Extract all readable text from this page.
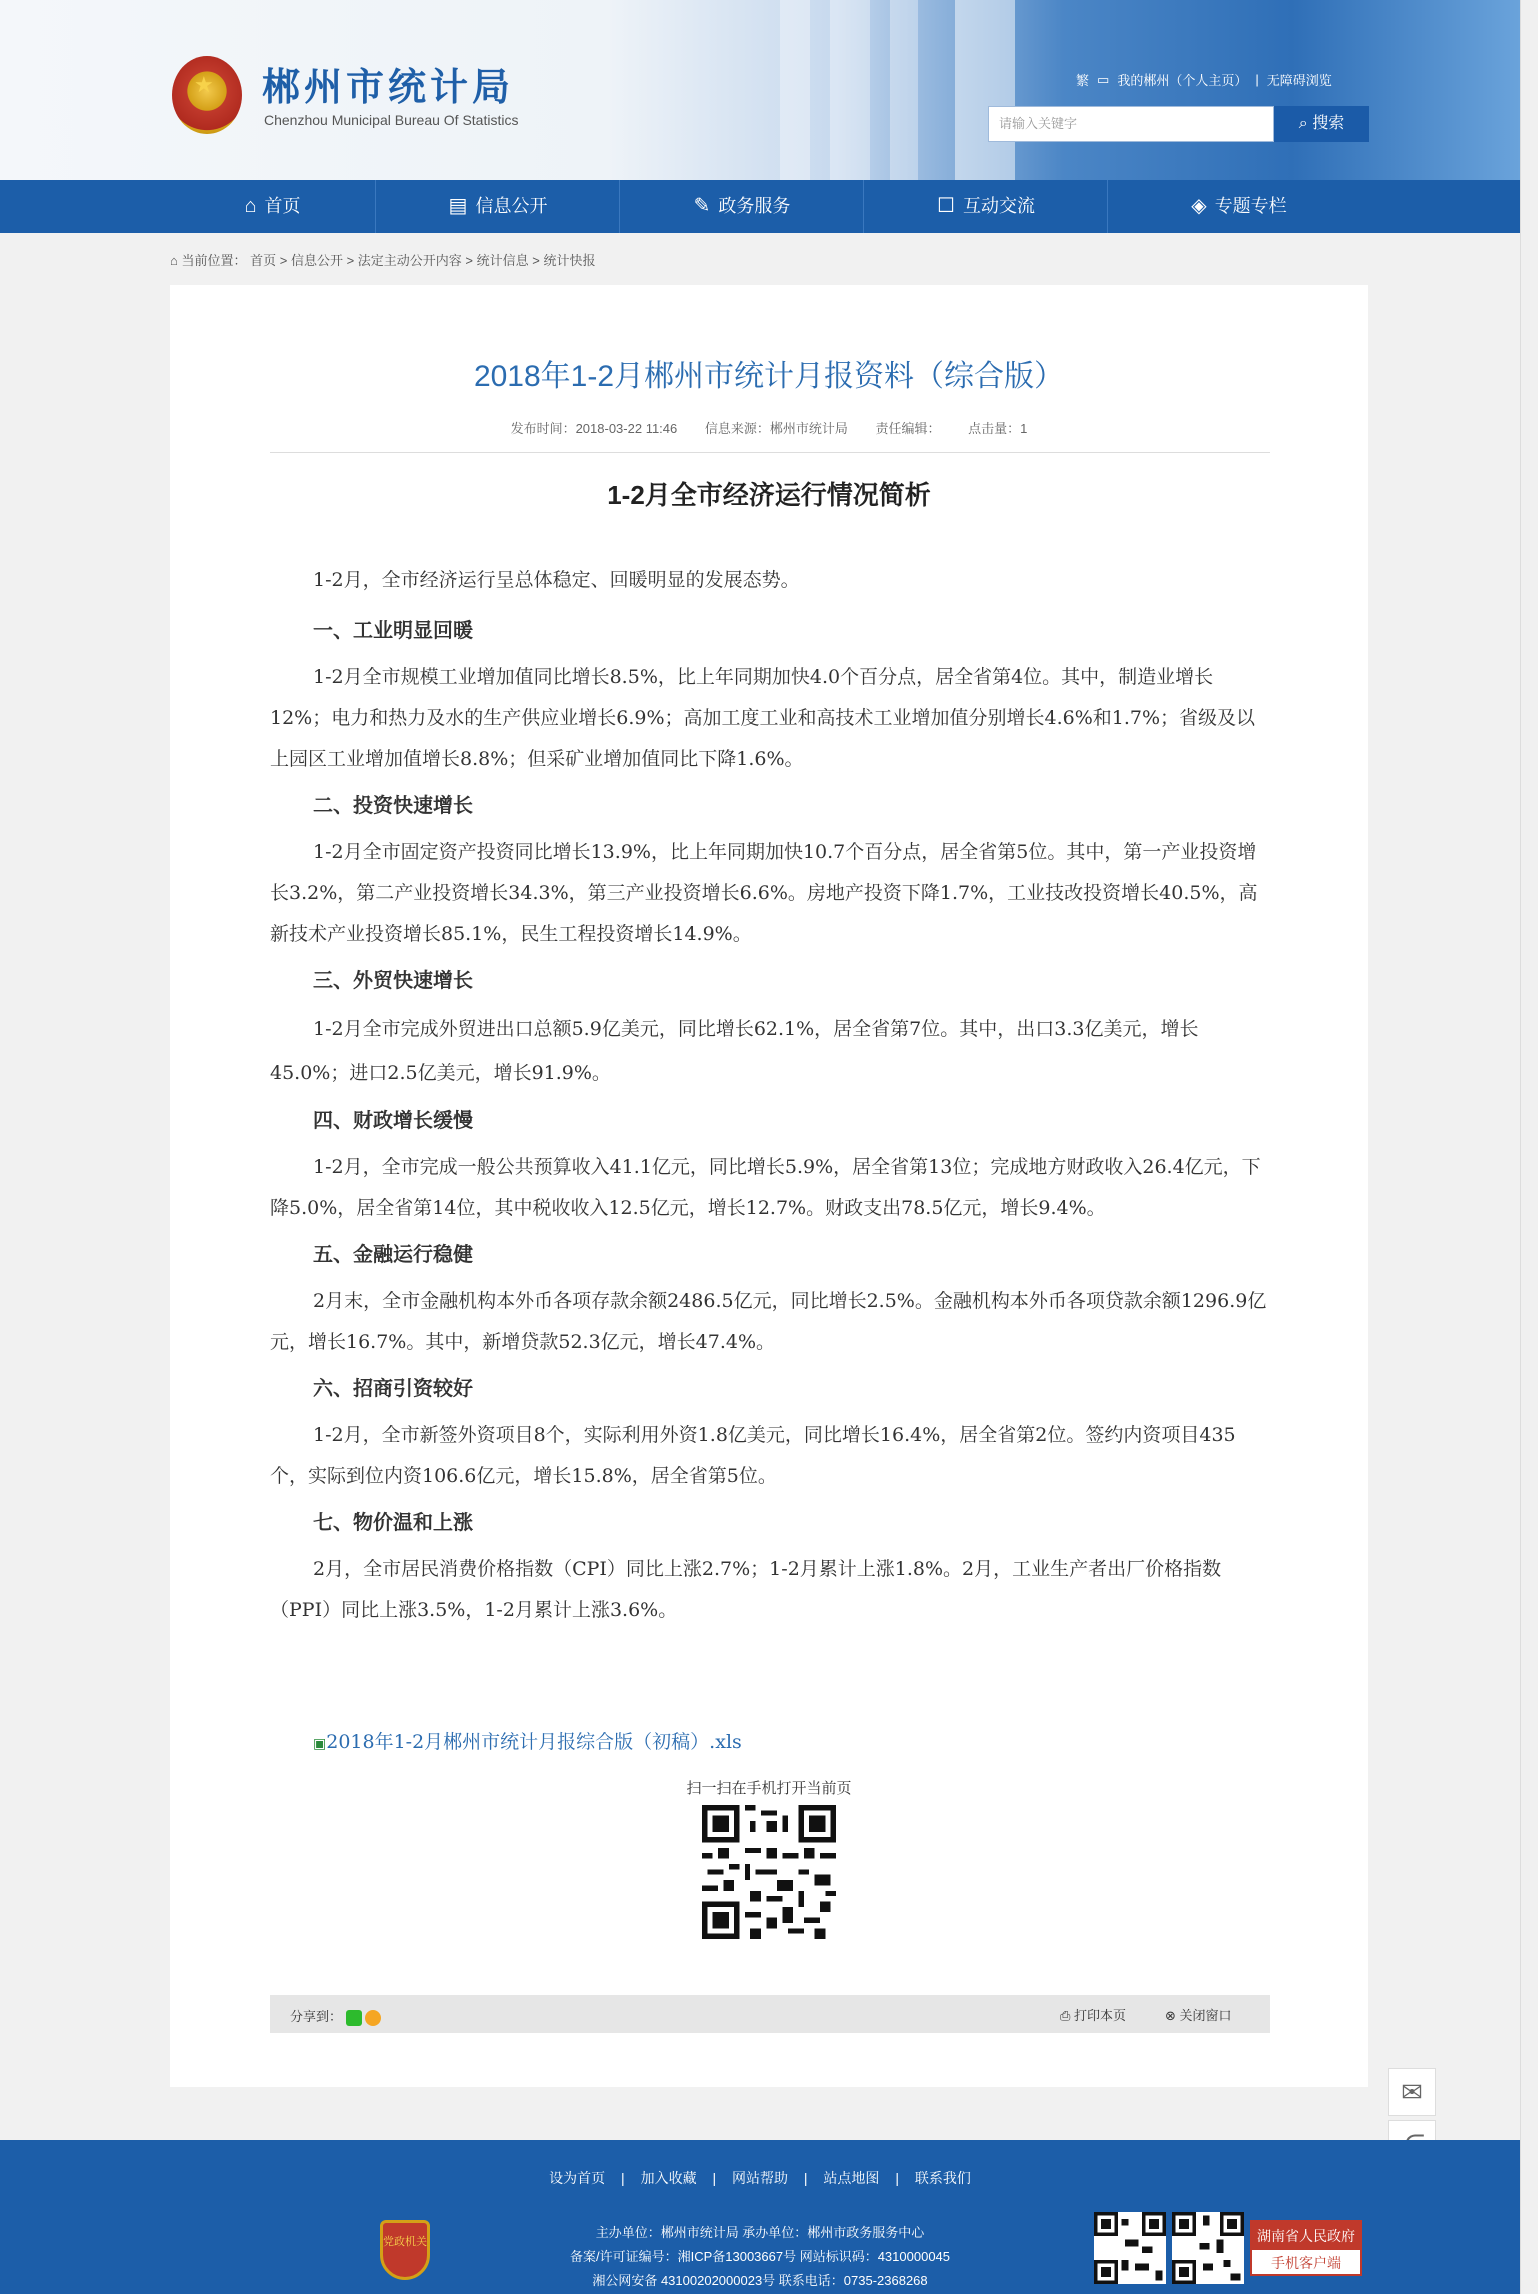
★ 郴州市统计局
Chenzhou Municipal Bureau Of Statistics
繁 ▭ 我的郴州（个人主页） | 无障碍浏览
请输入关键字	⌕ 搜索
⌂ 首页	▤ 信息公开	✎ 政务服务	☐ 互动交流	◈ 专题专栏
⌂ 当前位置： 首页 > 信息公开 > 法定主动公开内容 > 统计信息 > 统计快报
2018年1-2月郴州市统计月报资料（综合版）
发布时间：2018-03-22 11:46 信息来源：郴州市统计局 责任编辑： 点击量：1
1-2月全市经济运行情况简析

1-2月，全市经济运行呈总体稳定、回暖明显的发展态势。

一、工业明显回暖

1-2月全市规模工业增加值同比增长8.5%，比上年同期加快4.0个百分点，居全省第4位。其中，制造业增长12%；电力和热力及水的生产供应业增长6.9%；高加工度工业和高技术工业增加值分别增长4.6%和1.7%；省级及以上园区工业增加值增长8.8%；但采矿业增加值同比下降1.6%。

二、投资快速增长

1-2月全市固定资产投资同比增长13.9%，比上年同期加快10.7个百分点，居全省第5位。其中，第一产业投资增长3.2%，第二产业投资增长34.3%，第三产业投资增长6.6%。房地产投资下降1.7%，工业技改投资增长40.5%，高新技术产业投资增长85.1%，民生工程投资增长14.9%。

三、外贸快速增长

1-2月全市完成外贸进出口总额5.9亿美元，同比增长62.1%，居全省第7位。其中，出口3.3亿美元，增长45.0%；进口2.5亿美元，增长91.9%。

四、财政增长缓慢

1-2月，全市完成一般公共预算收入41.1亿元，同比增长5.9%，居全省第13位；完成地方财政收入26.4亿元，下降5.0%，居全省第14位，其中税收收入12.5亿元，增长12.7%。财政支出78.5亿元，增长9.4%。

五、金融运行稳健

2月末，全市金融机构本外币各项存款余额2486.5亿元，同比增长2.5%。金融机构本外币各项贷款余额1296.9亿元，增长16.7%。其中，新增贷款52.3亿元，增长47.4%。

六、招商引资较好

1-2月，全市新签外资项目8个，实际利用外资1.8亿美元，同比增长16.4%，居全省第2位。签约内资项目435个，实际到位内资106.6亿元，增长15.8%，居全省第5位。

七、物价温和上涨

2月，全市居民消费价格指数（CPI）同比上涨2.7%；1-2月累计上涨1.8%。2月，工业生产者出厂价格指数（PPI）同比上涨3.5%，1-2月累计上涨3.6%。

▣2018年1-2月郴州市统计月报综合版（初稿）.xls
扫一扫在手机打开当前页
分享到：	⎙ 打印本页	⊗ 关闭窗口
✉
设为首页 | 加入收藏 | 网站帮助 | 站点地图 | 联系我们
主办单位：郴州市统计局 承办单位：郴州市政务服务中心
备案/许可证编号：湘ICP备13003667号 网站标识码：4310000045
湘公网安备 43100202000023号 联系电话：0735-2368268
党政机关	湖南省人民政府
手机客户端
